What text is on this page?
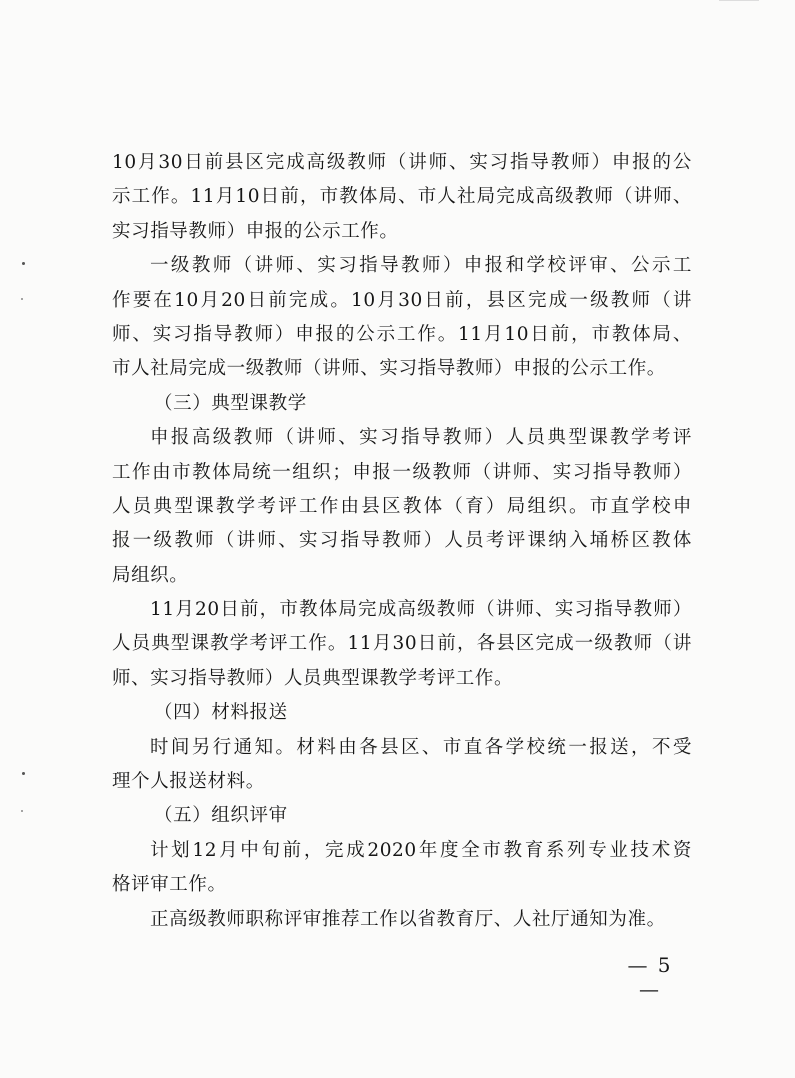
10月30日前县区完成高级教师（讲师、实习指导教师）申报的公
示工作。11月10日前，市教体局、市人社局完成高级教师（讲师、
实习指导教师）申报的公示工作。
一级教师（讲师、实习指导教师）申报和学校评审、公示工
作要在10月20日前完成。10月30日前，县区完成一级教师（讲
师、实习指导教师）申报的公示工作。11月10日前，市教体局、
市人社局完成一级教师（讲师、实习指导教师）申报的公示工作。
（三）典型课教学
申报高级教师（讲师、实习指导教师）人员典型课教学考评
工作由市教体局统一组织；申报一级教师（讲师、实习指导教师）
人员典型课教学考评工作由县区教体（育）局组织。市直学校申
报一级教师（讲师、实习指导教师）人员考评课纳入埇桥区教体
局组织。
11月20日前，市教体局完成高级教师（讲师、实习指导教师）
人员典型课教学考评工作。11月30日前，各县区完成一级教师（讲
师、实习指导教师）人员典型课教学考评工作。
（四）材料报送
时间另行通知。材料由各县区、市直各学校统一报送，不受
理个人报送材料。
（五）组织评审
计划12月中旬前，完成2020年度全市教育系列专业技术资
格评审工作。
正高级教师职称评审推荐工作以省教育厅、人社厅通知为准。
— 5 —
